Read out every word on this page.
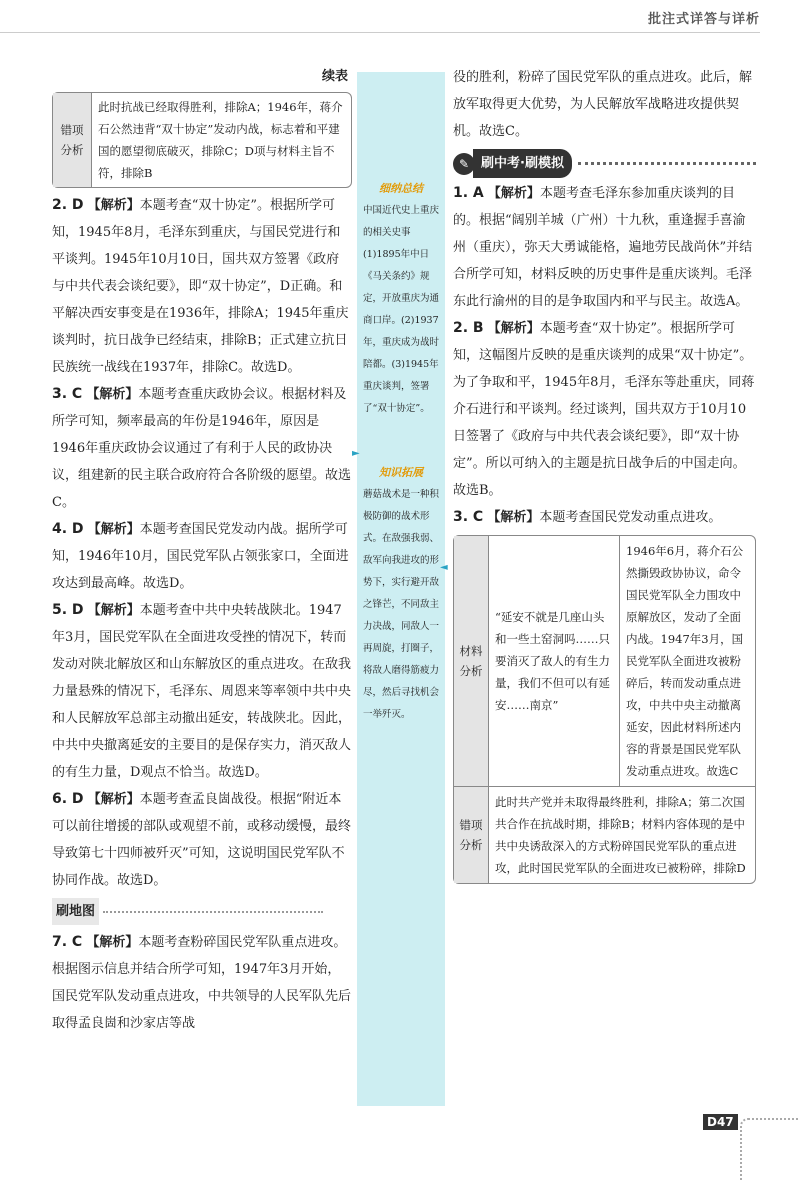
批注式详答与详析
续表
错项分析
此时抗战已经取得胜利，排除A；1946年，蒋介石公然违背“双十协定”发动内战，标志着和平建国的愿望彻底破灭，排除C；D项与材料主旨不符，排除B

2. D 【解析】本题考查“双十协定”。根据所学可知，1945年8月，毛泽东到重庆，与国民党进行和平谈判。1945年10月10日，国共双方签署《政府与中共代表会谈纪要》，即“双十协定”，D正确。和平解决西安事变是在1936年，排除A；1945年重庆谈判时，抗日战争已经结束，排除B；正式建立抗日民族统一战线在1937年，排除C。故选D。

3. C 【解析】本题考查重庆政协会议。根据材料及所学可知，频率最高的年份是1946年，原因是1946年重庆政协会议通过了有利于人民的政协决议，组建新的民主联合政府符合各阶级的愿望。故选C。

4. D 【解析】本题考查国民党发动内战。据所学可知，1946年10月，国民党军队占领张家口，全面进攻达到最高峰。故选D。

5. D 【解析】本题考查中共中央转战陕北。1947年3月，国民党军队在全面进攻受挫的情况下，转而发动对陕北解放区和山东解放区的重点进攻。在敌我力量悬殊的情况下，毛泽东、周恩来等率领中共中央和人民解放军总部主动撤出延安，转战陕北。因此，中共中央撤离延安的主要目的是保存实力，消灭敌人的有生力量，D观点不恰当。故选D。

6. D 【解析】本题考查孟良崮战役。根据“附近本可以前往增援的部队或观望不前，或移动缓慢，最终导致第七十四师被歼灭”可知，这说明国民党军队不协同作战。故选D。

刷地图

7. C 【解析】本题考查粉碎国民党军队重点进攻。根据图示信息并结合所学可知，1947年3月开始，国民党军队发动重点进攻，中共领导的人民军队先后取得孟良崮和沙家店等战

细纳总结
中国近代史上重庆的相关史事 (1)1895年中日《马关条约》规定，开放重庆为通商口岸。(2)1937年，重庆成为战时陪都。(3)1945年重庆谈判，签署了“双十协定”。
知识拓展
蘑菇战术是一种积极防御的战术形式。在敌强我弱、敌军向我进攻的形势下，实行避开敌之锋芒，不同敌主力决战，同敌人一再周旋，打圈子，将敌人磨得筋疲力尽，然后寻找机会一举歼灭。
►
◄

役的胜利，粉碎了国民党军队的重点进攻。此后，解放军取得更大优势，为人民解放军战略进攻提供契机。故选C。

✎ 刷中考·刷模拟

1. A 【解析】本题考查毛泽东参加重庆谈判的目的。根据“阔别羊城（广州）十九秋，重逢握手喜渝州（重庆），弥天大勇诚能格，遍地劳民战尚休”并结合所学可知，材料反映的历史事件是重庆谈判。毛泽东此行渝州的目的是争取国内和平与民主。故选A。

2. B 【解析】本题考查“双十协定”。根据所学可知，这幅图片反映的是重庆谈判的成果“双十协定”。为了争取和平，1945年8月，毛泽东等赴重庆，同蒋介石进行和平谈判。经过谈判，国共双方于10月10日签署了《政府与中共代表会谈纪要》，即“双十协定”。所以可纳入的主题是抗日战争后的中国走向。故选B。

3. C 【解析】本题考查国民党发动重点进攻。

材料分析
“延安不就是几座山头和一些土窑洞吗……只要消灭了敌人的有生力量，我们不但可以有延安……南京”
1946年6月，蒋介石公然撕毁政协协议，命令国民党军队全力围攻中原解放区，发动了全面内战。1947年3月，国民党军队全面进攻被粉碎后，转而发动重点进攻，中共中央主动撤离延安，因此材料所述内容的背景是国民党军队发动重点进攻。故选C
错项分析
此时共产党并未取得最终胜利，排除A；第二次国共合作在抗战时期，排除B；材料内容体现的是中共中央诱敌深入的方式粉碎国民党军队的重点进攻，此时国民党军队的全面进攻已被粉碎，排除D
D47
